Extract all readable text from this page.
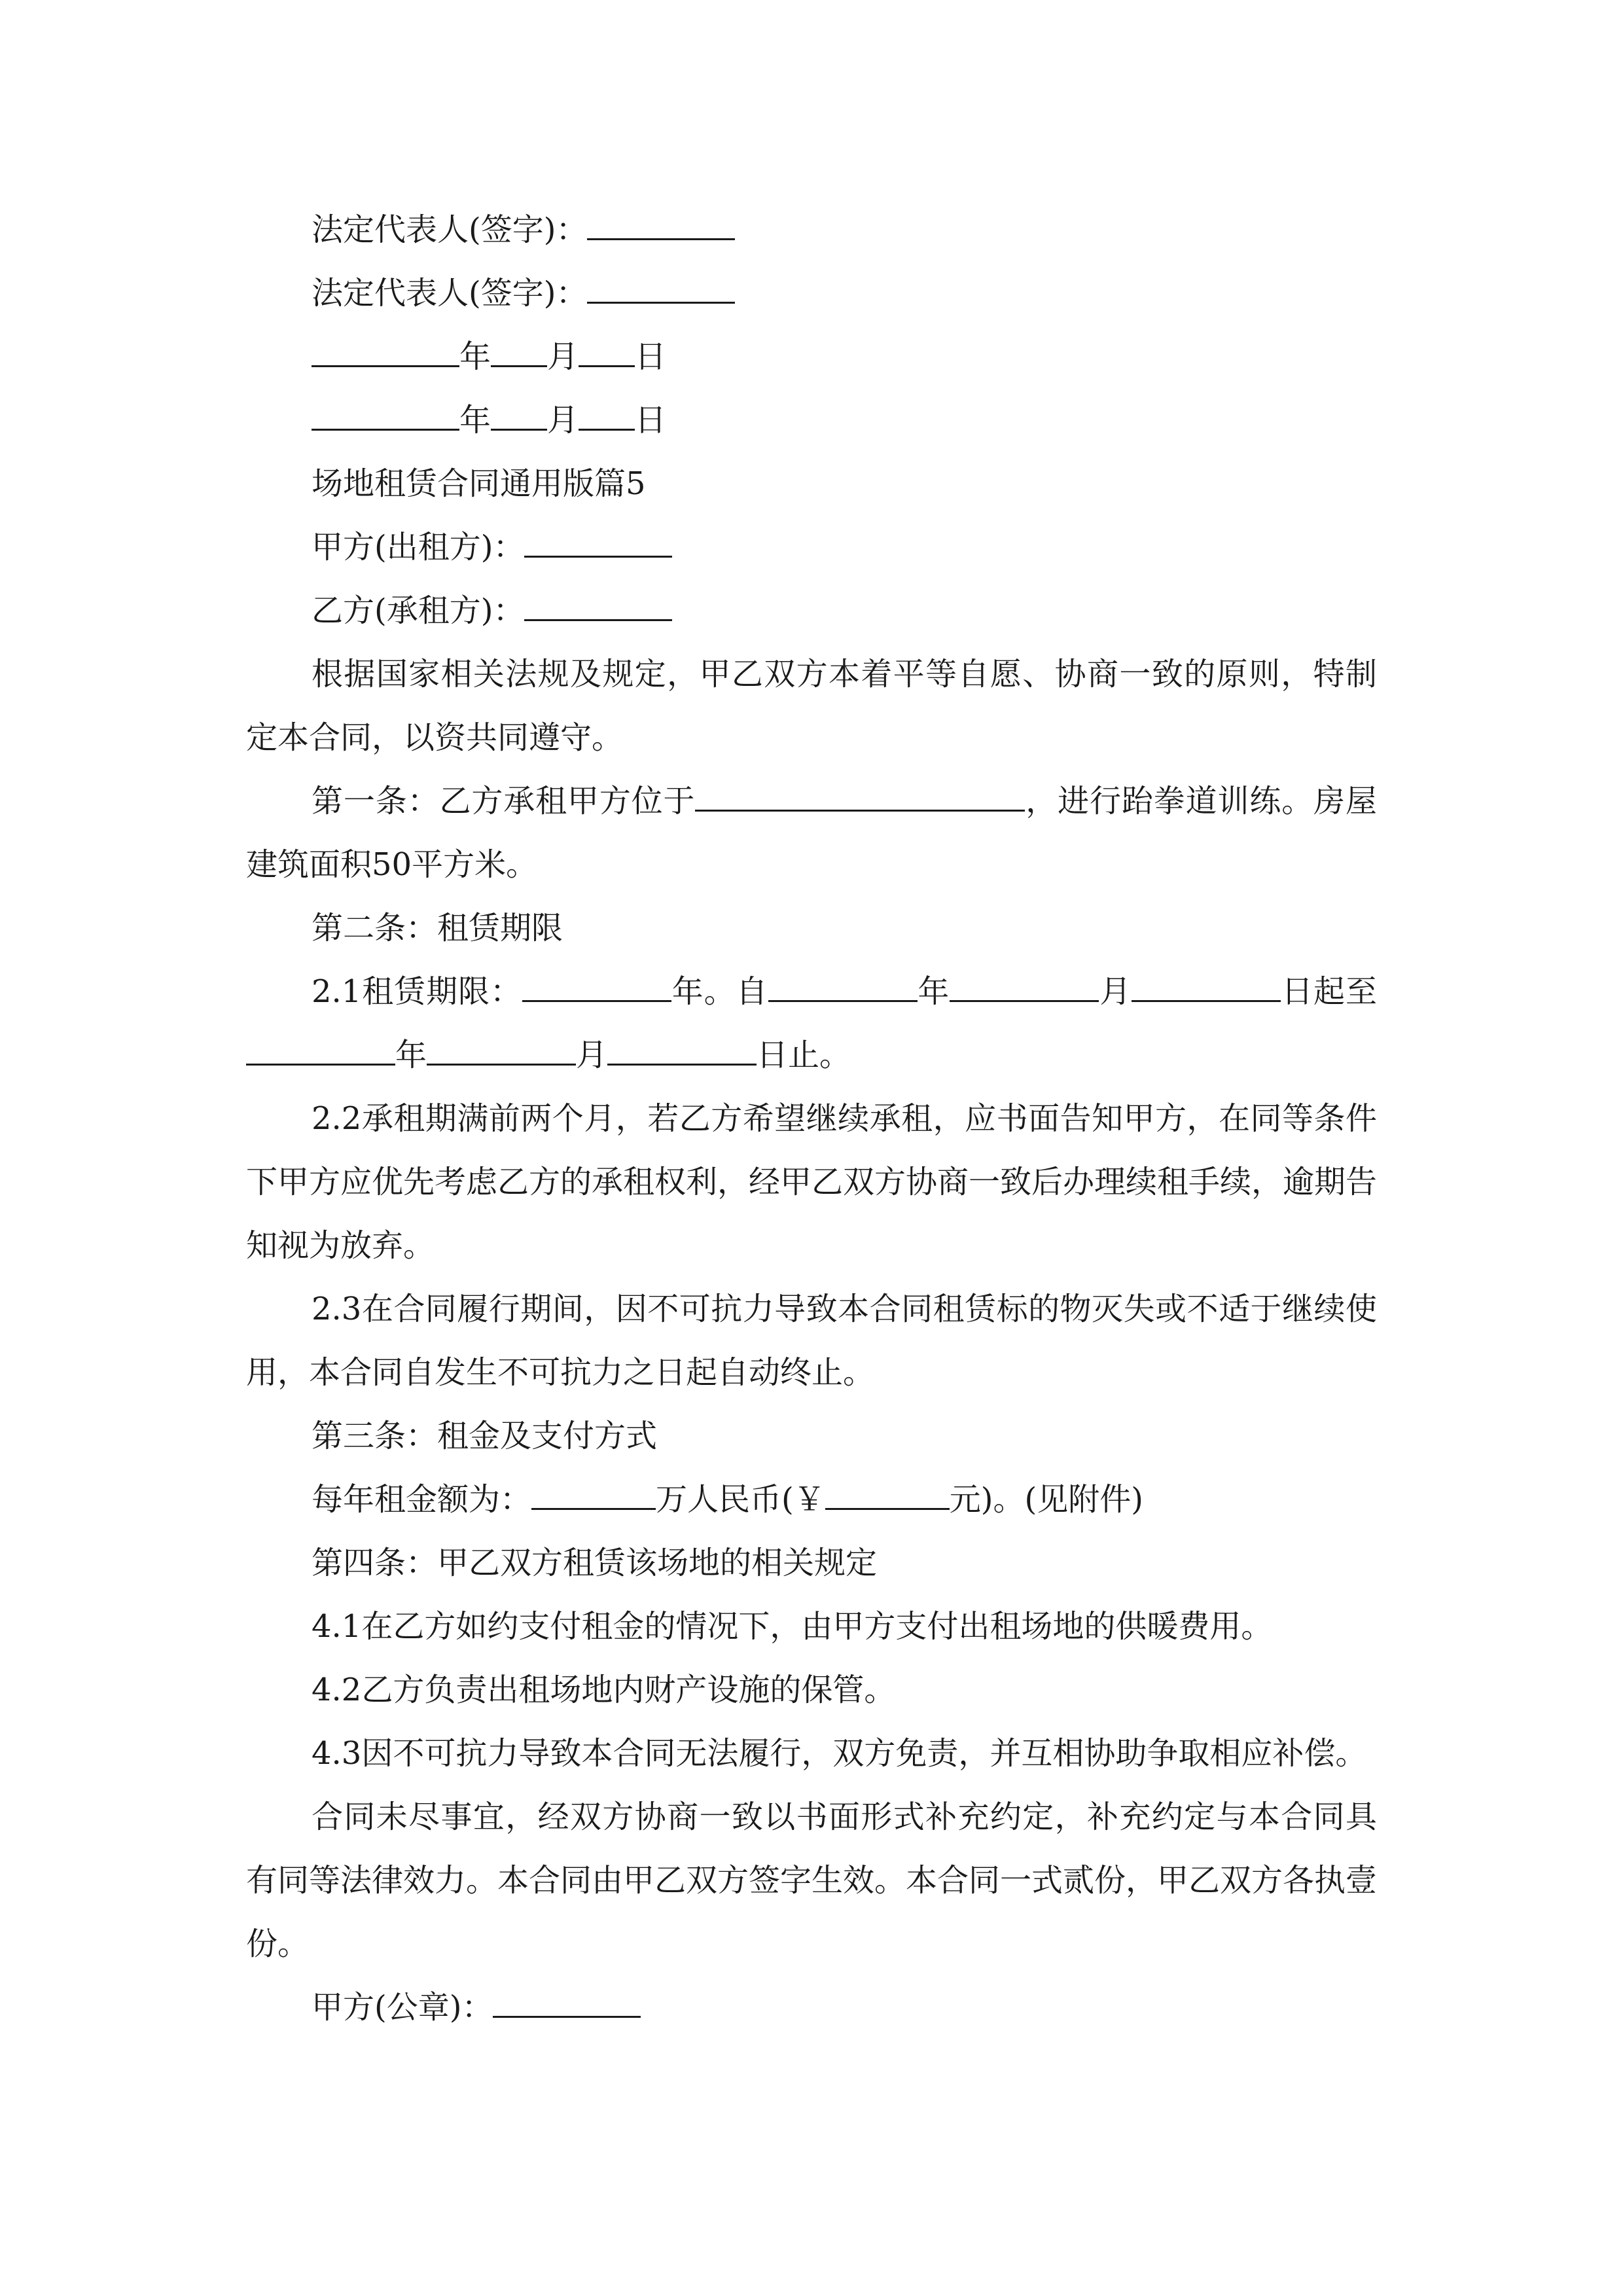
法定代表人(签字)：
法定代表人(签字)：
年 月 日
年 月 日
场地租赁合同通用版篇5
甲方(出租方)：
乙方(承租方)：
根据国家相关法规及规定，甲乙双方本着平等自愿、协商一致的原则，特制定本合同，以资共同遵守。
第一条：乙方承租甲方位于	，进行跆拳道训练。房屋建筑面积50平方米。
第二条：租赁期限
2.1租赁期限：	年。自	年	月	日起至年	月	日止。
2.2承租期满前两个月，若乙方希望继续承租，应书面告知甲方，在同等条件下甲方应优先考虑乙方的承租权利，经甲乙双方协商一致后办理续租手续，逾期告知视为放弃。
2.3在合同履行期间，因不可抗力导致本合同租赁标的物灭失或不适于继续使用，本合同自发生不可抗力之日起自动终止。
第三条：租金及支付方式
每年租金额为：	万人民币(￥	元)。(见附件)
第四条：甲乙双方租赁该场地的相关规定
4.1在乙方如约支付租金的情况下，由甲方支付出租场地的供暖费用。
4.2乙方负责出租场地内财产设施的保管。
4.3因不可抗力导致本合同无法履行，双方免责，并互相协助争取相应补偿。
合同未尽事宜，经双方协商一致以书面形式补充约定，补充约定与本合同具有同等法律效力。本合同由甲乙双方签字生效。本合同一式贰份，甲乙双方各执壹份。
甲方(公章)：
